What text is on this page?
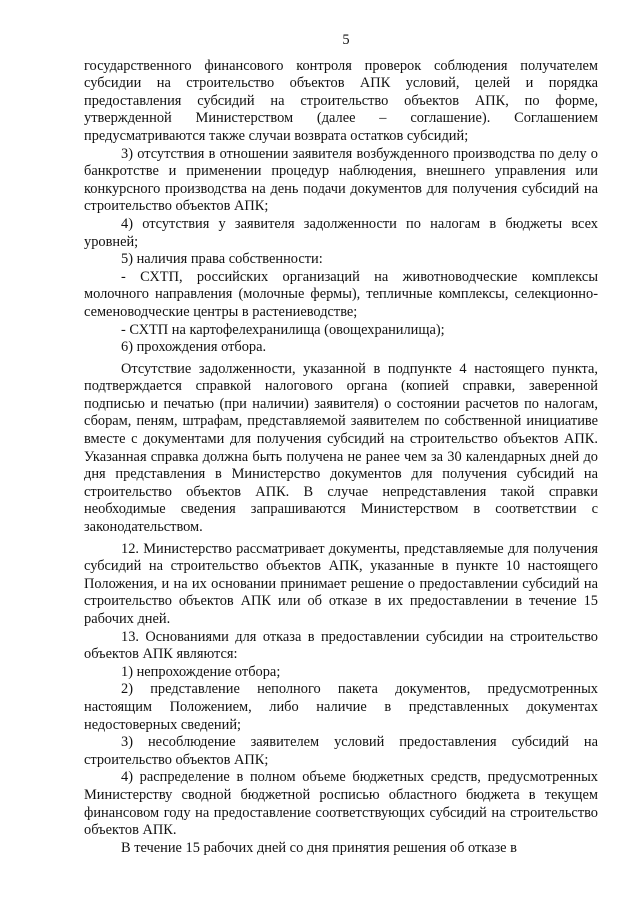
5

государственного финансового контроля проверок соблюдения получателем субсидии на строительство объектов АПК условий, целей и порядка предоставления субсидий на строительство объектов АПК, по форме, утвержденной Министерством (далее – соглашение). Соглашением предусматриваются также случаи возврата остатков субсидий;

3) отсутствия в отношении заявителя возбужденного производства по делу о банкротстве и применении процедур наблюдения, внешнего управления или конкурсного производства на день подачи документов для получения субсидий на строительство объектов АПК;

4) отсутствия у заявителя задолженности по налогам в бюджеты всех уровней;

5) наличия права собственности:

- СХТП, российских организаций на животноводческие комплексы молочного направления (молочные фермы), тепличные комплексы, селекционно-семеноводческие центры в растениеводстве;

- СХТП на картофелехранилища (овощехранилища);

6) прохождения отбора.

Отсутствие задолженности, указанной в подпункте 4 настоящего пункта, подтверждается справкой налогового органа (копией справки, заверенной подписью и печатью (при наличии) заявителя) о состоянии расчетов по налогам, сборам, пеням, штрафам, представляемой заявителем по собственной инициативе вместе с документами для получения субсидий на строительство объектов АПК. Указанная справка должна быть получена не ранее чем за 30 календарных дней до дня представления в Министерство документов для получения субсидий на строительство объектов АПК. В случае непредставления такой справки необходимые сведения запрашиваются Министерством в соответствии с законодательством.

12. Министерство рассматривает документы, представляемые для получения субсидий на строительство объектов АПК, указанные в пункте 10 настоящего Положения, и на их основании принимает решение о предоставлении субсидий на строительство объектов АПК или об отказе в их предоставлении в течение 15 рабочих дней.

13. Основаниями для отказа в предоставлении субсидии на строительство объектов АПК являются:

1) непрохождение отбора;

2) представление неполного пакета документов, предусмотренных настоящим Положением, либо наличие в представленных документах недостоверных сведений;

3) несоблюдение заявителем условий предоставления субсидий на строительство объектов АПК;

4) распределение в полном объеме бюджетных средств, предусмотренных Министерству сводной бюджетной росписью областного бюджета в текущем финансовом году на предоставление соответствующих субсидий на строительство объектов АПК.

В течение 15 рабочих дней со дня принятия решения об отказе в
